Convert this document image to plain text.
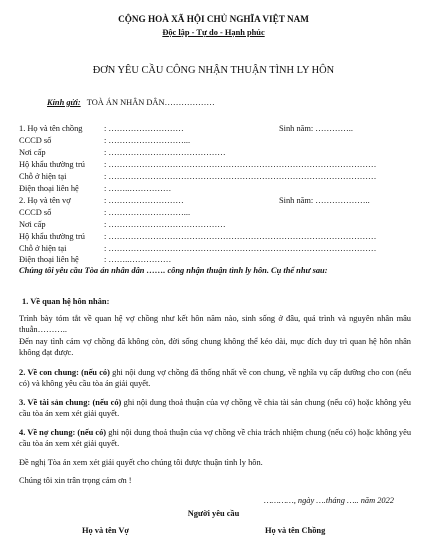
CỘNG HOÀ XÃ HỘI CHỦ NGHĨA VIỆT NAM
Độc lập - Tự do - Hạnh phúc
ĐƠN YÊU CẦU CÔNG NHẬN THUẬN TÌNH LY HÔN
Kính gửi: TOÀ ÁN NHÂN DÂN………………
1. Họ và tên chồng	: ………………………	Sinh năm: …………..
CCCD số	: ………………………...
Nơi cấp	: ……………………………………
Hộ khẩu thường trú : ……………………………………………………………………………………
Chỗ ở hiện tại	: ……………………………………………………………………………………
Điện thoại liên hệ	: ……..……………
2. Họ và tên vợ	: ………………………	Sinh năm: ………………..
CCCD số	: ………………………...
Nơi cấp	: ……………………………………
Hộ khẩu thường trú : ……………………………………………………………………………………
Chỗ ở hiện tại	: ……………………………………………………………………………………
Điện thoại liên hệ	: ……..……………
Chúng tôi yêu cầu Tòa án nhân dân ……. công nhận thuận tình ly hôn. Cụ thể như sau:
1. Về quan hệ hôn nhân:
Trình bày tóm tắt về quan hệ vợ chồng như kết hôn năm nào, sinh sống ở đâu, quá trình và nguyên nhân mâu thuẫn………..
Đến nay tình cảm vợ chồng đã không còn, đời sống chung không thể kéo dài, mục đích duy trì quan hệ hôn nhân không đạt được.
2. Về con chung: (nếu có) ghi nội dung vợ chồng đã thống nhất về con chung, về nghĩa vụ cấp dưỡng cho con (nếu có) và không yêu cầu tòa án giải quyết.
3. Về tài sản chung: (nếu có) ghi nội dung thoả thuận của vợ chồng về chia tài sản chung (nếu có) hoặc không yêu cầu tòa án xem xét giải quyết.
4. Về nợ chung: (nếu có) ghi nội dung thoả thuận của vợ chồng về chia trách nhiệm chung (nếu có) hoặc không yêu cầu tòa án xem xét giải quyết.
Đề nghị Tòa án xem xét giải quyết cho chúng tôi được thuận tình ly hôn.
Chúng tôi xin trân trọng cảm ơn !
…………, ngày ….tháng ….. năm 2022
Người yêu cầu
Họ và tên Vợ	Họ và tên Chồng
